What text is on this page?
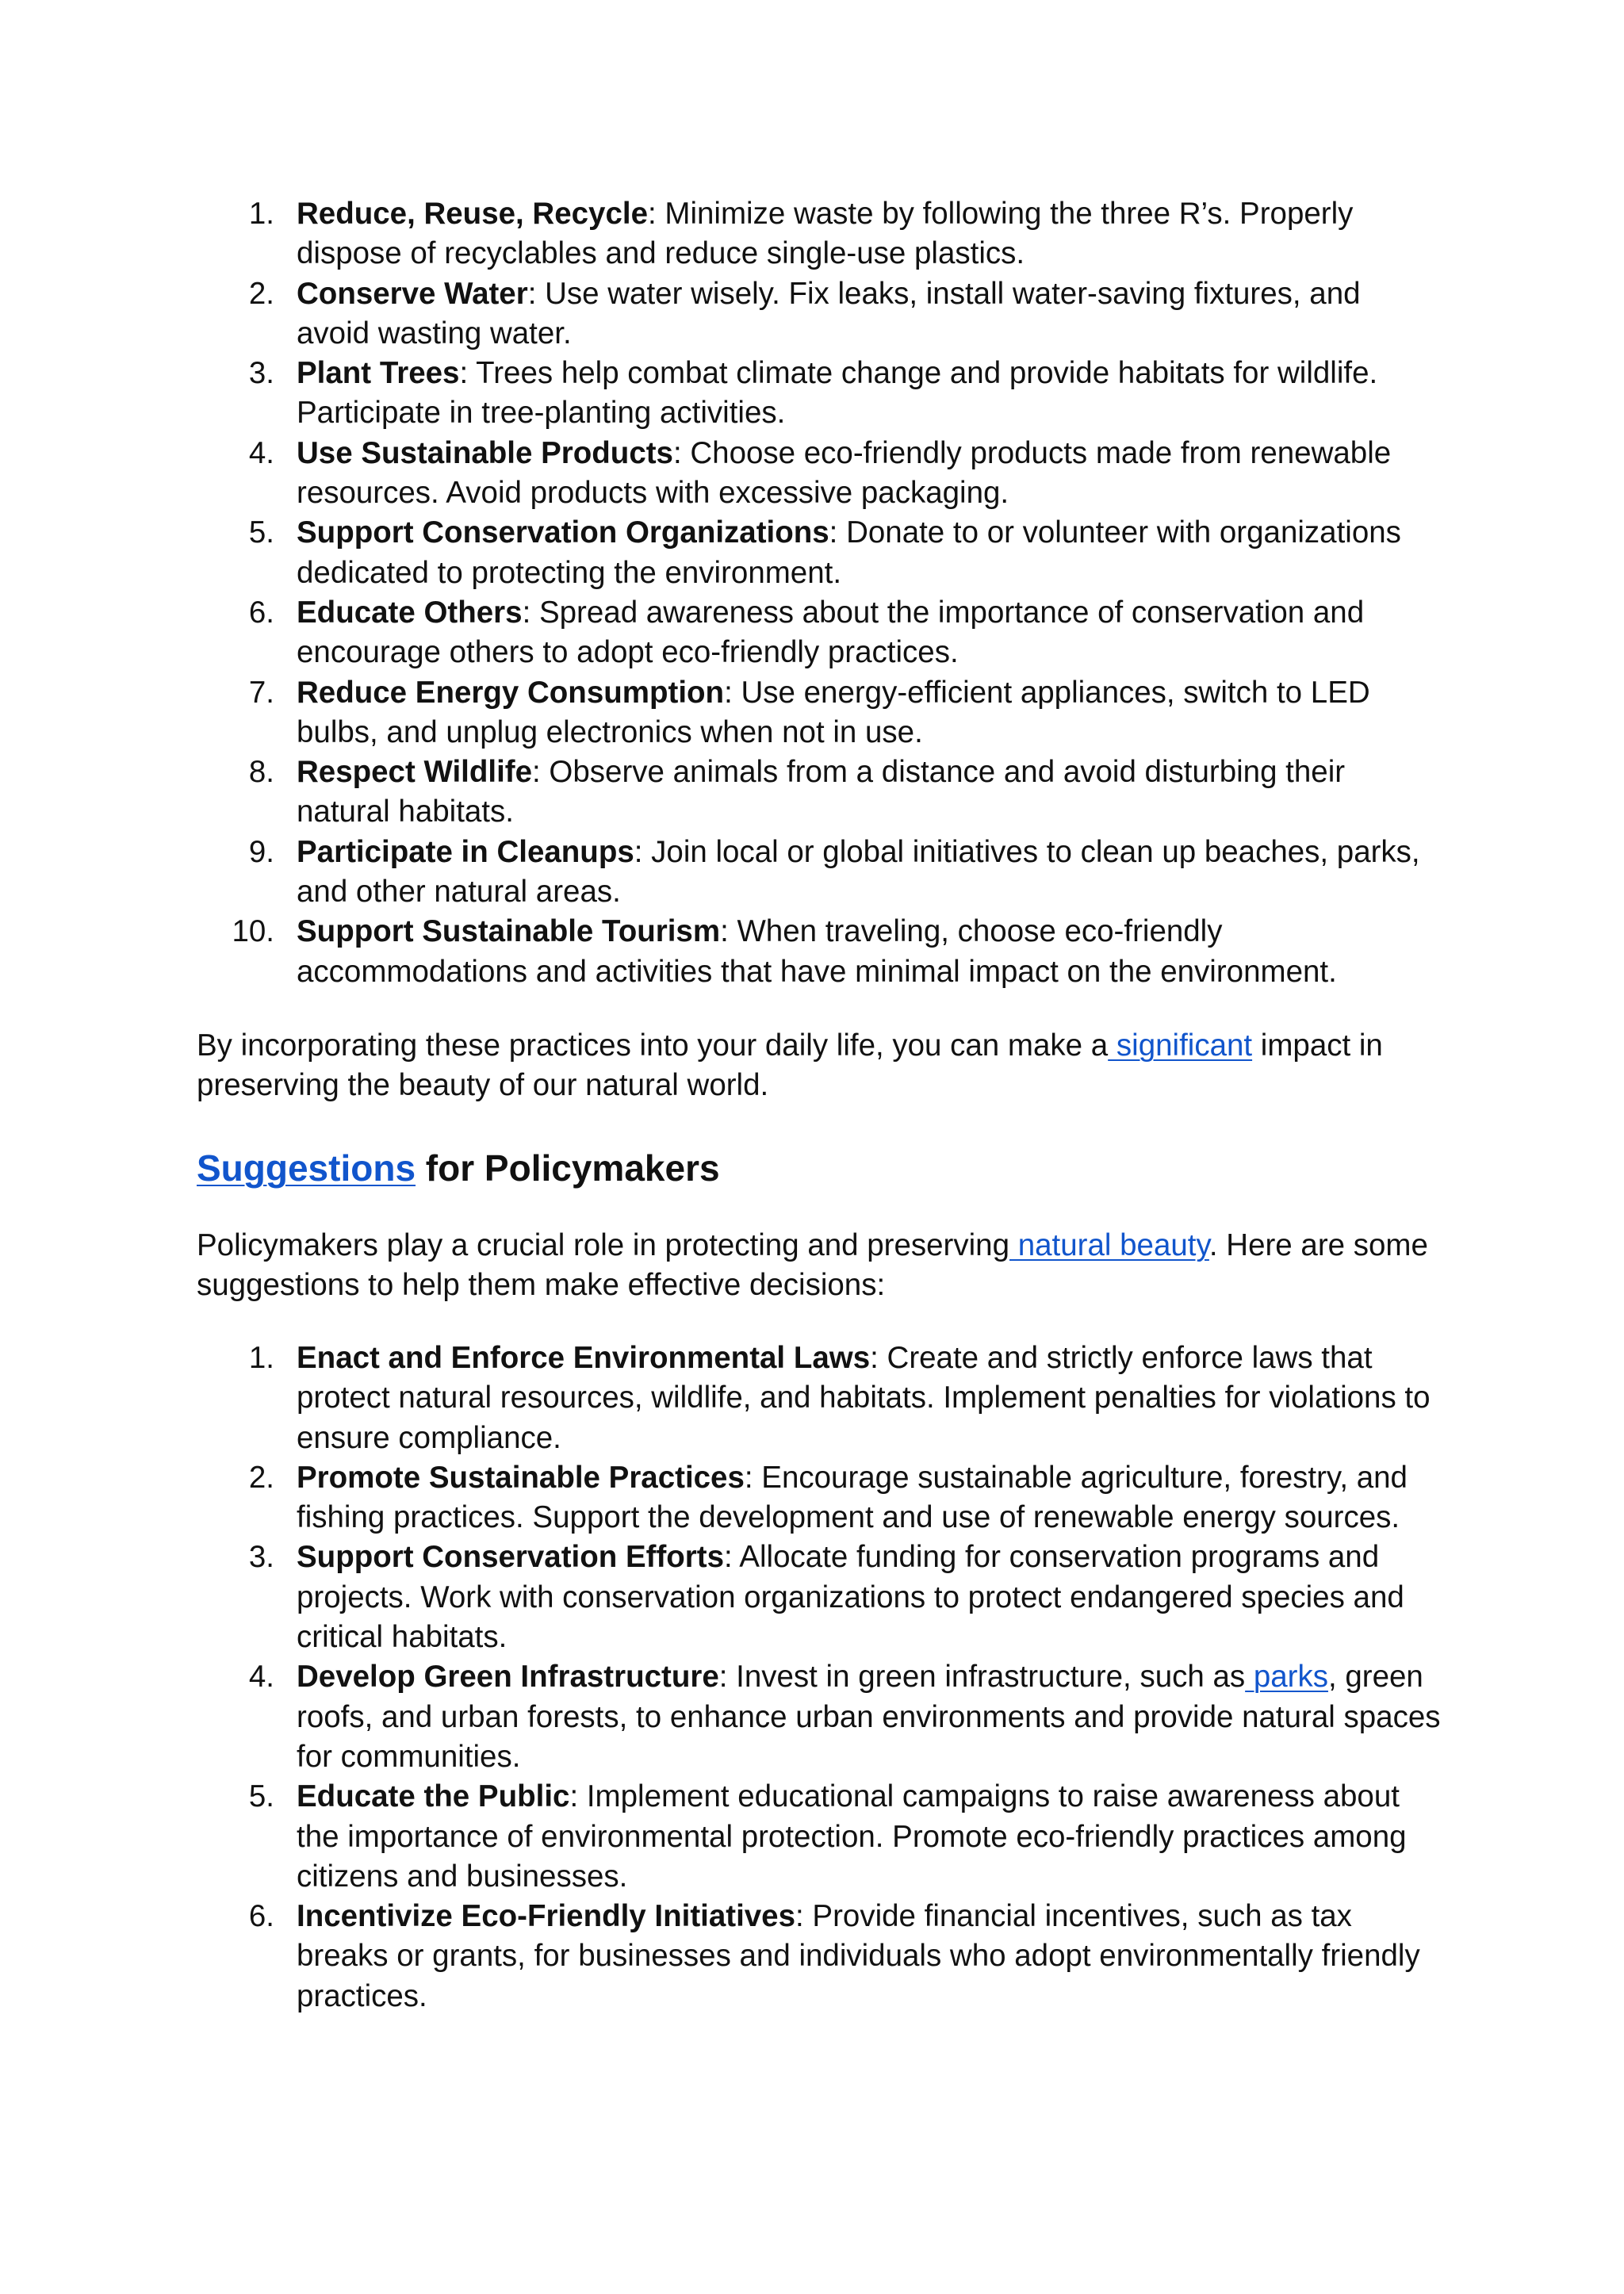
1. Reduce, Reuse, Recycle: Minimize waste by following the three R’s. Properly dispose of recyclables and reduce single-use plastics.
2. Conserve Water: Use water wisely. Fix leaks, install water-saving fixtures, and avoid wasting water.
3. Plant Trees: Trees help combat climate change and provide habitats for wildlife. Participate in tree-planting activities.
4. Use Sustainable Products: Choose eco-friendly products made from renewable resources. Avoid products with excessive packaging.
5. Support Conservation Organizations: Donate to or volunteer with organizations dedicated to protecting the environment.
6. Educate Others: Spread awareness about the importance of conservation and encourage others to adopt eco-friendly practices.
7. Reduce Energy Consumption: Use energy-efficient appliances, switch to LED bulbs, and unplug electronics when not in use.
8. Respect Wildlife: Observe animals from a distance and avoid disturbing their natural habitats.
9. Participate in Cleanups: Join local or global initiatives to clean up beaches, parks, and other natural areas.
10. Support Sustainable Tourism: When traveling, choose eco-friendly accommodations and activities that have minimal impact on the environment.

By incorporating these practices into your daily life, you can make a significant impact in preserving the beauty of our natural world.

Suggestions for Policymakers

Policymakers play a crucial role in protecting and preserving natural beauty. Here are some suggestions to help them make effective decisions:

1. Enact and Enforce Environmental Laws: Create and strictly enforce laws that protect natural resources, wildlife, and habitats. Implement penalties for violations to ensure compliance.
2. Promote Sustainable Practices: Encourage sustainable agriculture, forestry, and fishing practices. Support the development and use of renewable energy sources.
3. Support Conservation Efforts: Allocate funding for conservation programs and projects. Work with conservation organizations to protect endangered species and critical habitats.
4. Develop Green Infrastructure: Invest in green infrastructure, such as parks, green roofs, and urban forests, to enhance urban environments and provide natural spaces for communities.
5. Educate the Public: Implement educational campaigns to raise awareness about the importance of environmental protection. Promote eco-friendly practices among citizens and businesses.
6. Incentivize Eco-Friendly Initiatives: Provide financial incentives, such as tax breaks or grants, for businesses and individuals who adopt environmentally friendly practices.
